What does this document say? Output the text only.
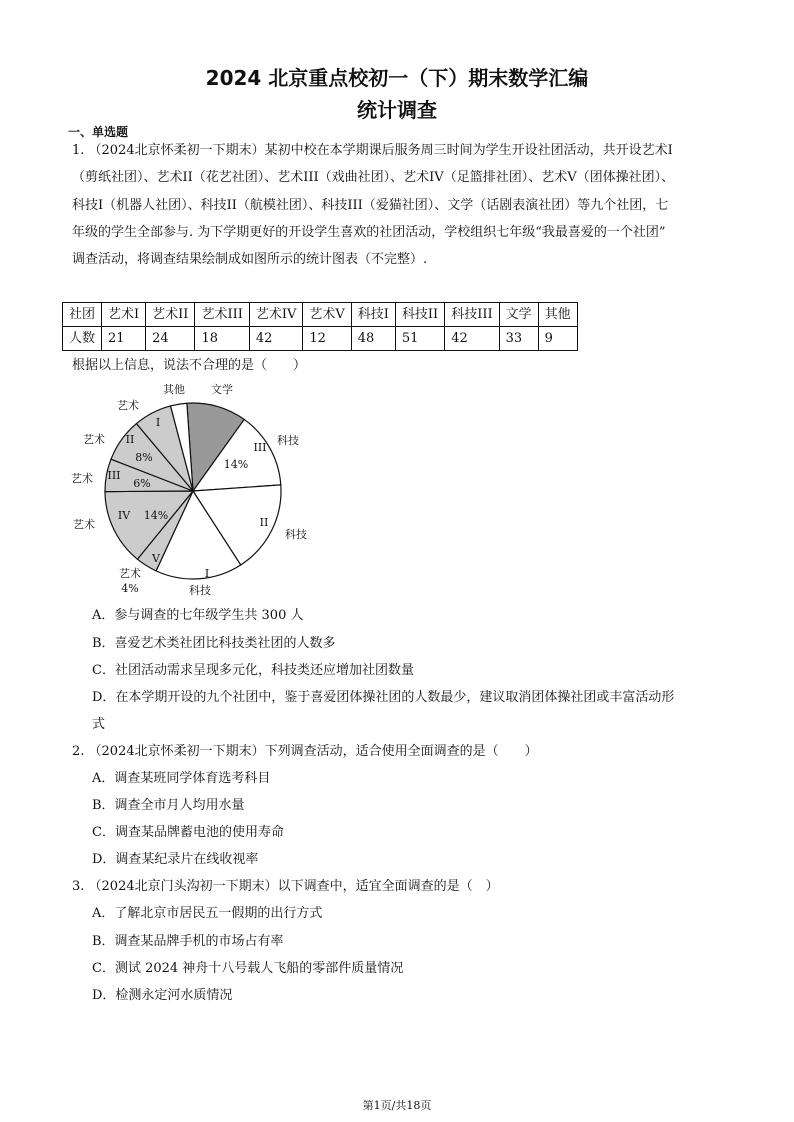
2024 北京重点校初一（下）期末数学汇编
统计调查
一、单选题
1. （2024北京怀柔初一下期末）某初中校在本学期课后服务周三时间为学生开设社团活动，共开设艺术I
（剪纸社团）、艺术II（花艺社团）、艺术III（戏曲社团）、艺术IV（足篮排社团）、艺术V（团体操社团）、
科技I（机器人社团）、科技II（航模社团）、科技III（爱猫社团）、文学（话剧表演社团）等九个社团，七
年级的学生全部参与. 为下学期更好的开设学生喜欢的社团活动，学校组织七年级“我最喜爱的一个社团”
调查活动，将调查结果绘制成如图所示的统计图表（不完整）.
社团	艺术I	艺术II	艺术III	艺术IV	艺术V	科技I	科技II	科技III	文学	其他
人数	21	24	18	42	12	48	51	42	33	9
根据以上信息，说法不合理的是（　　）
文学
科技
III
14%
科技
II
科技
I
艺术
V
4%
艺术
IV 14%
艺术 III
6%
艺术 II
8%
艺术
I
其他
A．参与调查的七年级学生共 300 人
B．喜爱艺术类社团比科技类社团的人数多
C．社团活动需求呈现多元化，科技类还应增加社团数量
D．在本学期开设的九个社团中，鉴于喜爱团体操社团的人数最少，建议取消团体操社团或丰富活动形
式
2. （2024北京怀柔初一下期末）下列调查活动，适合使用全面调查的是（　　）
A．调查某班同学体育选考科目
B．调查全市月人均用水量
C．调查某品牌蓄电池的使用寿命
D．调查某纪录片在线收视率
3. （2024北京门头沟初一下期末）以下调查中，适宜全面调查的是（　）
A．了解北京市居民五一假期的出行方式
B．调查某品牌手机的市场占有率
C．测试 2024 神舟十八号载人飞船的零部件质量情况
D．检测永定河水质情况
第1页/共18页
